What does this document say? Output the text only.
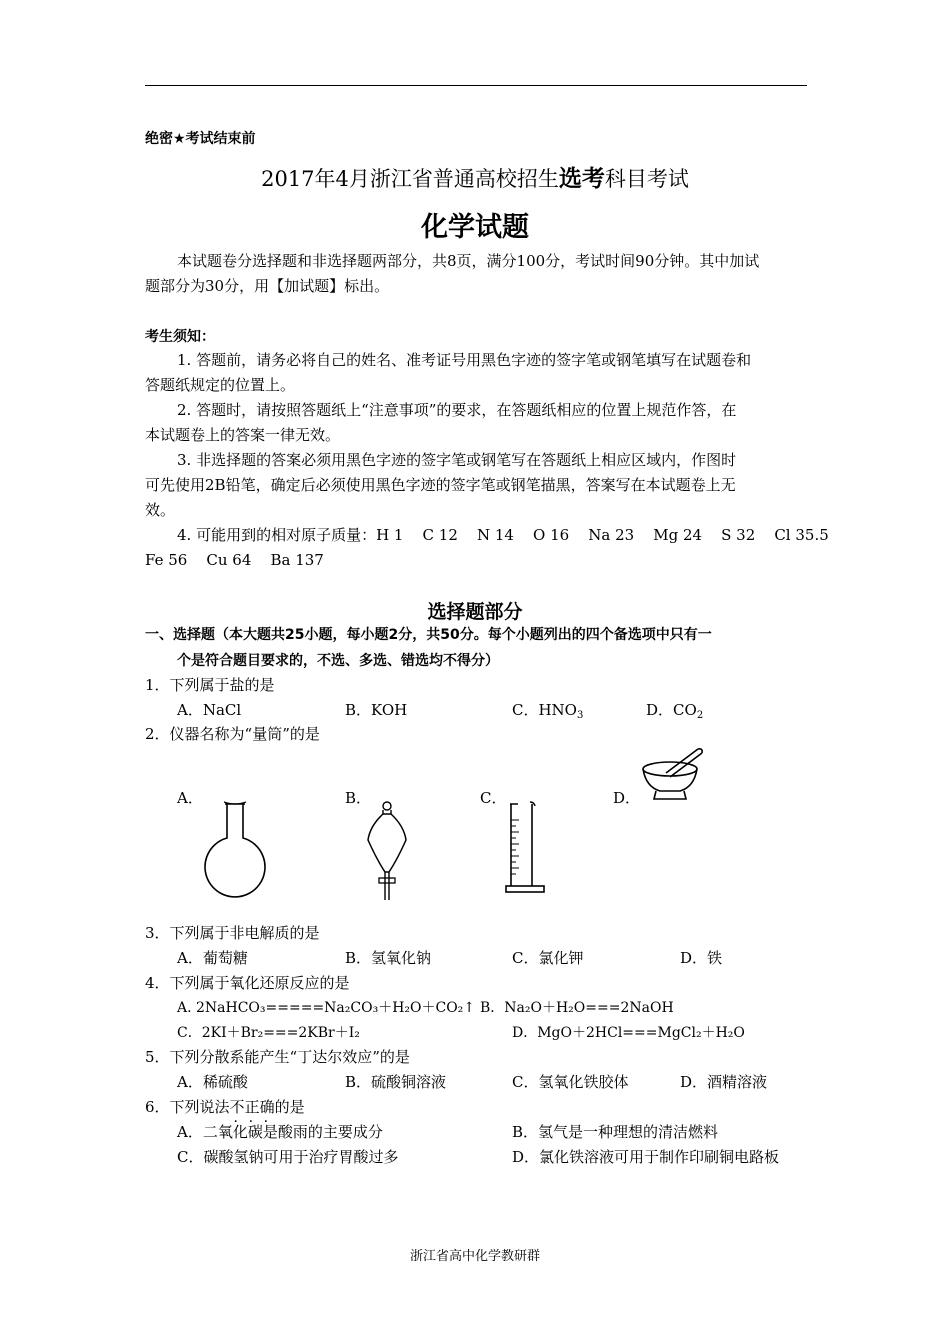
绝密★考试结束前
2017年4月浙江省普通高校招生选考科目考试
化学试题
本试题卷分选择题和非选择题两部分，共8页，满分100分，考试时间90分钟。其中加试
题部分为30分，用【加试题】标出。
考生须知：
1. 答题前，请务必将自己的姓名、准考证号用黑色字迹的签字笔或钢笔填写在试题卷和
答题纸规定的位置上。
2. 答题时，请按照答题纸上“注意事项”的要求，在答题纸相应的位置上规范作答，在
本试题卷上的答案一律无效。
3. 非选择题的答案必须用黑色字迹的签字笔或钢笔写在答题纸上相应区域内，作图时
可先使用2B铅笔，确定后必须使用黑色字迹的签字笔或钢笔描黑，答案写在本试题卷上无
效。
4. 可能用到的相对原子质量：H 1    C 12    N 14    O 16    Na 23    Mg 24    S 32    Cl 35.5
Fe 56    Cu 64    Ba 137
选择题部分
一、选择题（本大题共25小题，每小题2分，共50分。每个小题列出的四个备选项中只有一
个是符合题目要求的，不选、多选、错选均不得分）
1．下列属于盐的是
A．NaCl	B．KOH	C．$HNO_3$	D．$CO_2$
2．仪器名称为“量筒”的是
A．	B．	C．	D．
3．下列属于非电解质的是
A．葡萄糖	B．氢氧化钠	C．氯化钾	D．铁
4．下列属于氧化还原反应的是
A. 2NaHCO₃=====Na₂CO₃＋H₂O＋CO₂↑ B．Na₂O＋H₂O===2NaOH
C．2KI＋Br₂===2KBr＋I₂	D．MgO＋2HCl===MgCl₂＋H₂O
5．下列分散系能产生“丁达尔效应”的是
A．稀硫酸	B．硫酸铜溶液	C．氢氧化铁胶体	D．酒精溶液
6．下列说法不正确的是
A．二氧化碳是酸雨的主要成分	B．氢气是一种理想的清洁燃料
C．碳酸氢钠可用于治疗胃酸过多	D．氯化铁溶液可用于制作印刷铜电路板
浙江省高中化学教研群
